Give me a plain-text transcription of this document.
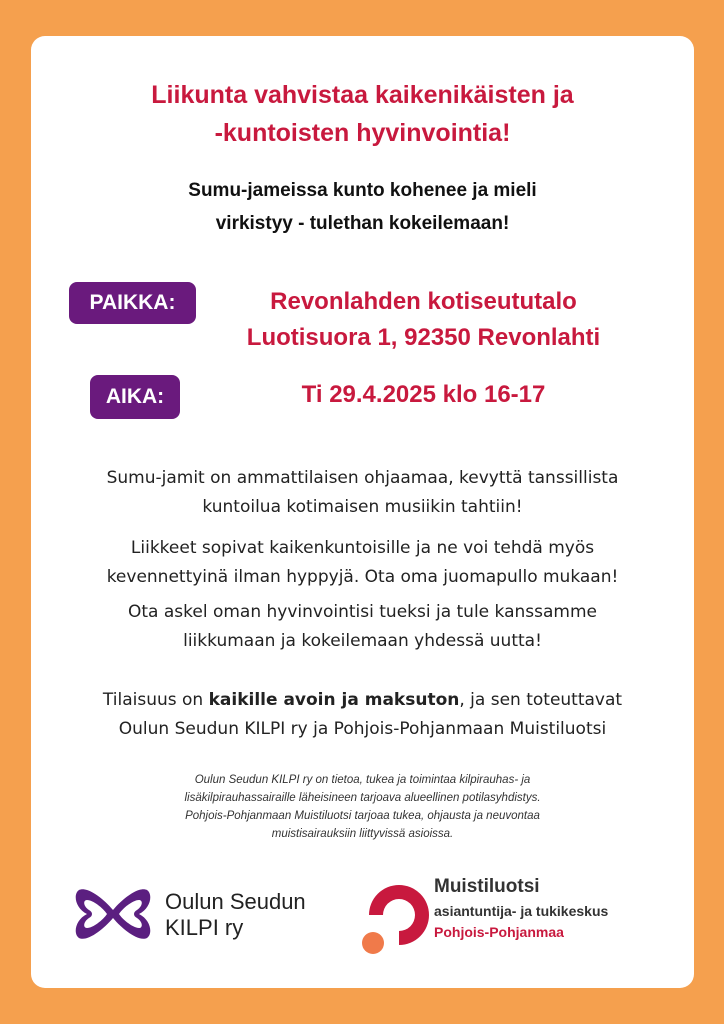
Liikunta vahvistaa kaikenikäisten ja
-kuntoisten hyvinvointia!
Sumu-jameissa kunto kohenee ja mieli
virkistyy - tulethan kokeilemaan!
PAIKKA:	Revonlahden kotiseututalo
Luotisuora 1, 92350 Revonlahti
AIKA:	Ti 29.4.2025 klo 16-17
Sumu-jamit on ammattilaisen ohjaamaa, kevyttä tanssillista
kuntoilua kotimaisen musiikin tahtiin!
Liikkeet sopivat kaikenkuntoisille ja ne voi tehdä myös
kevennettyinä ilman hyppyjä. Ota oma juomapullo mukaan!
Ota askel oman hyvinvointisi tueksi ja tule kanssamme
liikkumaan ja kokeilemaan yhdessä uutta!
Tilaisuus on kaikille avoin ja maksuton, ja sen toteuttavat
Oulun Seudun KILPI ry ja Pohjois-Pohjanmaan Muistiluotsi
Oulun Seudun KILPI ry on tietoa, tukea ja toimintaa kilpirauhas- ja
lisäkilpirauhassairaille läheisineen tarjoava alueellinen potilasyhdistys.
Pohjois-Pohjanmaan Muistiluotsi tarjoaa tukea, ohjausta ja neuvontaa
muistisairauksiin liittyvissä asioissa.
Oulun Seudun
KILPI ry
Muistiluotsi
asiantuntija- ja tukikeskus
Pohjois-Pohjanmaa
